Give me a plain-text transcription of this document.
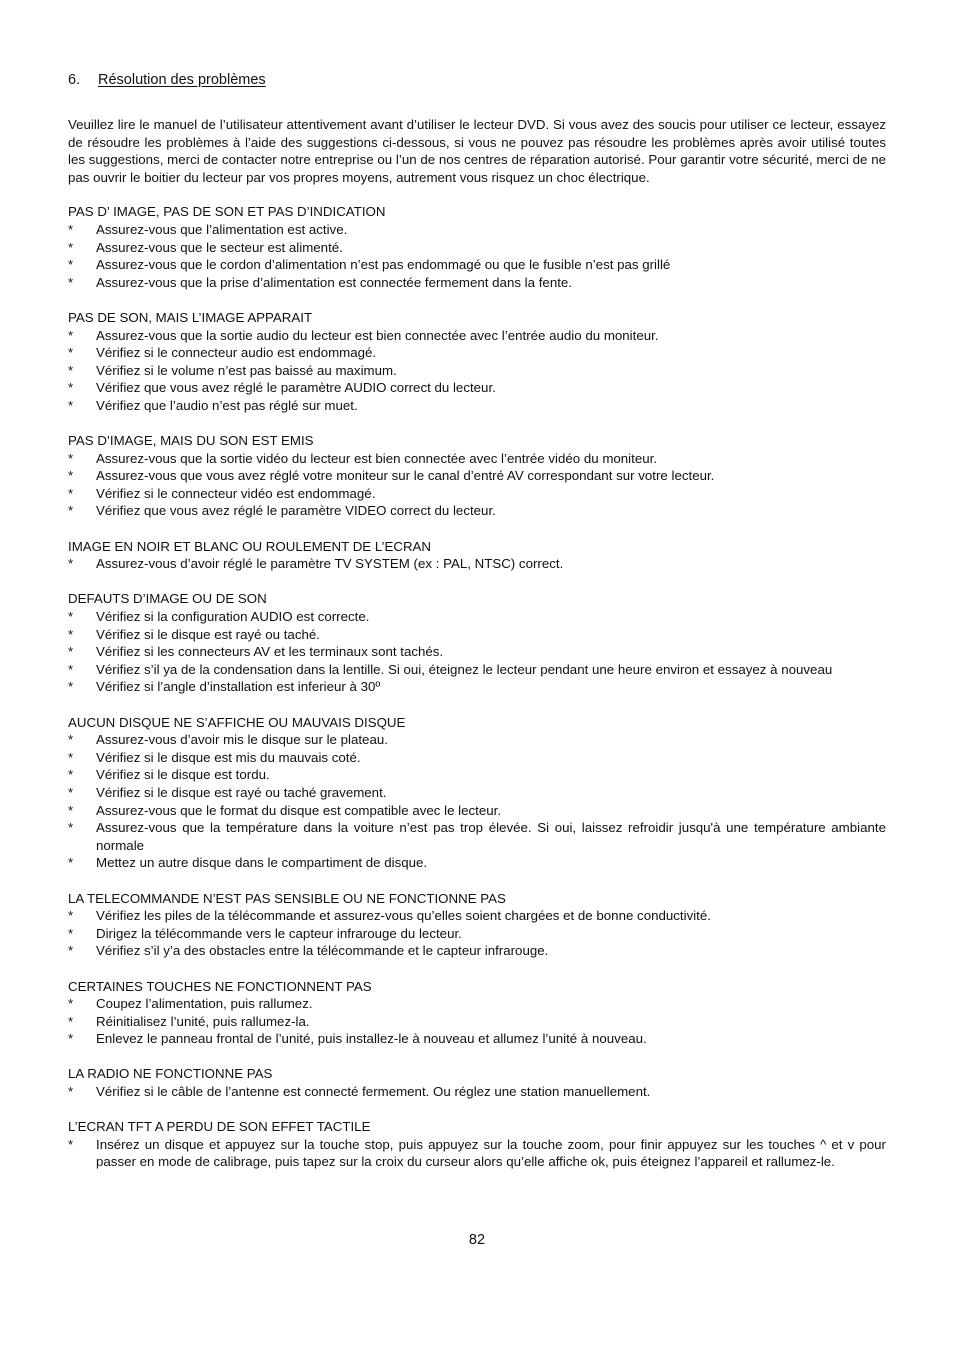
6. Résolution des problèmes

Veuillez lire le manuel de l’utilisateur attentivement avant d’utiliser le lecteur DVD. Si vous avez des soucis pour utiliser ce lecteur, essayez de résoudre les problèmes à l’aide des suggestions ci-dessous, si vous ne pouvez pas résoudre les problèmes après avoir utilisé toutes les suggestions, merci de contacter notre entreprise ou l’un de nos centres de réparation autorisé. Pour garantir votre sécurité, merci de ne pas ouvrir le boitier du lecteur par vos propres moyens, autrement vous risquez un choc électrique.

PAS D’ IMAGE, PAS DE SON ET PAS D’INDICATION

* Assurez-vous que l’alimentation est active.
* Assurez-vous que le secteur est alimenté.
* Assurez-vous que le cordon d’alimentation n’est pas endommagé ou que le fusible n’est pas grillé
* Assurez-vous que la prise d’alimentation est connectée fermement dans la fente.

PAS DE SON, MAIS L’IMAGE APPARAIT

* Assurez-vous que la sortie audio du lecteur est bien connectée avec l’entrée audio du moniteur.
* Vérifiez si le connecteur audio est endommagé.
* Vérifiez si le volume n’est pas baissé au maximum.
* Vérifiez que vous avez réglé le paramètre AUDIO correct du lecteur.
* Vérifiez que l’audio n’est pas réglé sur muet.

PAS D’IMAGE, MAIS DU SON EST EMIS

* Assurez-vous que la sortie vidéo du lecteur est bien connectée avec l’entrée vidéo du moniteur.
* Assurez-vous que vous avez réglé votre moniteur sur le canal d’entré AV correspondant sur votre lecteur.
* Vérifiez si le connecteur vidéo est endommagé.
* Vérifiez que vous avez réglé le paramètre VIDEO correct du lecteur.

IMAGE EN NOIR ET BLANC OU ROULEMENT DE L’ECRAN

* Assurez-vous d’avoir réglé le paramètre TV SYSTEM (ex : PAL, NTSC) correct.

DEFAUTS D’IMAGE OU DE SON

* Vérifiez si la configuration AUDIO est correcte.
* Vérifiez si le disque est rayé ou taché.
* Vérifiez si les connecteurs AV et les terminaux sont tachés.
* Vérifiez s’il ya de la condensation dans la lentille. Si oui, éteignez le lecteur pendant une heure environ et essayez à nouveau
* Vérifiez si l’angle d’installation est inferieur à 30º

AUCUN DISQUE NE S’AFFICHE OU MAUVAIS DISQUE

* Assurez-vous d’avoir mis le disque sur le plateau.
* Vérifiez si le disque est mis du mauvais coté.
* Vérifiez si le disque est tordu.
* Vérifiez si le disque est rayé ou taché gravement.
* Assurez-vous que le format du disque est compatible avec le lecteur.
* Assurez-vous que la température dans la voiture n’est pas trop élevée. Si oui, laissez refroidir jusqu'à une température ambiante normale
* Mettez un autre disque dans le compartiment de disque.

LA TELECOMMANDE N’EST PAS SENSIBLE OU NE FONCTIONNE PAS

* Vérifiez les piles de la télécommande et assurez-vous qu’elles soient chargées et de bonne conductivité.
* Dirigez la télécommande vers le capteur infrarouge du lecteur.
* Vérifiez s’il y’a des obstacles entre la télécommande et le capteur infrarouge.

CERTAINES TOUCHES NE FONCTIONNENT PAS

* Coupez l’alimentation, puis rallumez.
* Réinitialisez l’unité, puis rallumez-la.
* Enlevez le panneau frontal de l’unité, puis installez-le à nouveau et allumez l’unité à nouveau.

LA RADIO NE FONCTIONNE PAS

* Vérifiez si le câble de l’antenne est connecté fermement. Ou réglez une station manuellement.

L’ECRAN TFT A PERDU DE SON EFFET TACTILE

* Insérez un disque et appuyez sur la touche stop, puis appuyez sur la touche zoom, pour finir appuyez sur les touches ^ et v pour passer en mode de calibrage, puis tapez sur la croix du curseur alors qu’elle affiche ok, puis éteignez l’appareil et rallumez-le.
82
